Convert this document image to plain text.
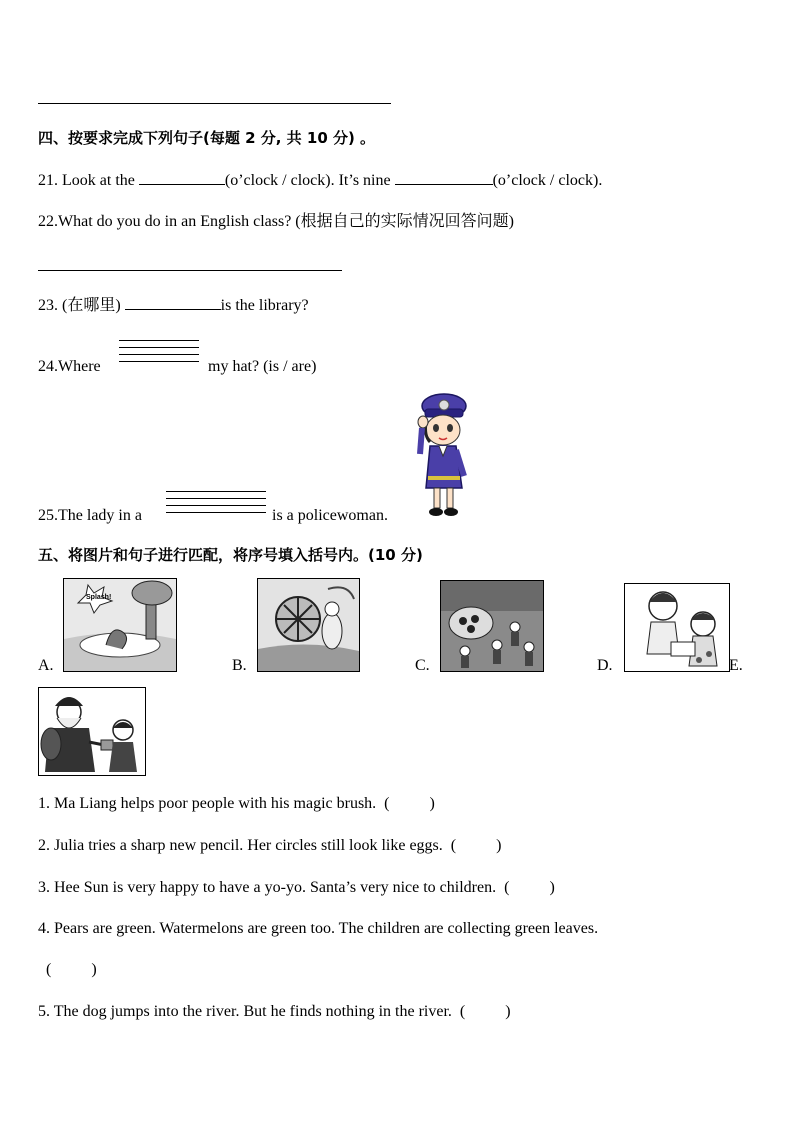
四、按要求完成下列句子(每题 2 分, 共 10 分) 。
21. Look at the	(o’clock / clock). It’s nine	(o’clock / clock).
22.What do you do in an English class? (根据自己的实际情况回答问题)
23. (在哪里)	is the library?
24.Where	my hat? (is / are)
25.The lady in a	is a policewoman.
五、将图片和句子进行匹配，将序号填入括号内。(10 分)
A.
Splash!
B.	C.	D.	E.
1. Ma Liang helps poor people with his magic brush. (          )
2. Julia tries a sharp new pencil. Her circles still look like eggs. (          )
3. Hee Sun is very happy to have a yo-yo. Santa’s very nice to children. (          )
4. Pears are green. Watermelons are green too. The children are collecting green leaves.
(          )
5. The dog jumps into the river. But he finds nothing in the river. (          )
